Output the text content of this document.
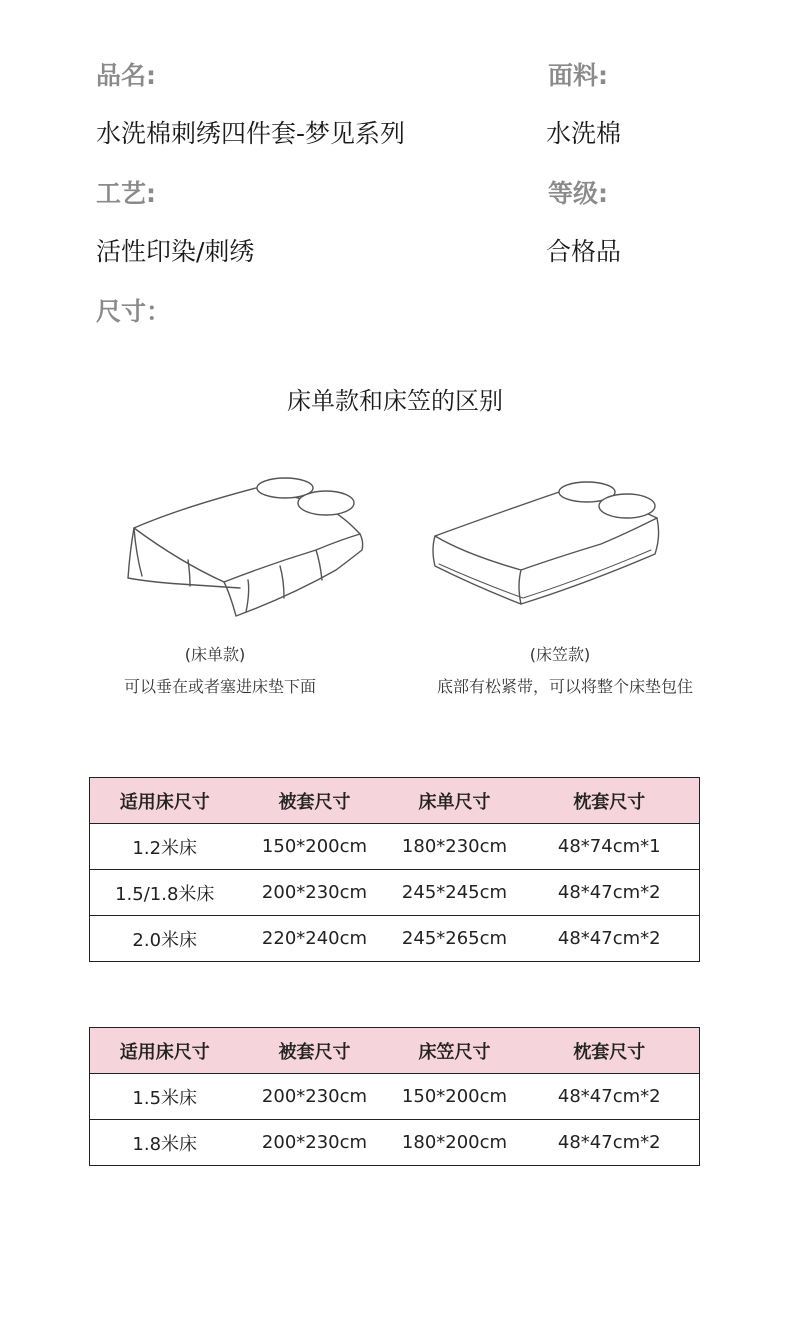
品名:	面料:
水洗棉刺绣四件套-梦见系列	水洗棉
工艺:	等级:
活性印染/刺绣	合格品
尺寸：
床单款和床笠的区别
(床单款)
可以垂在或者塞进床垫下面
(床笠款)
底部有松紧带，可以将整个床垫包住
适用床尺寸	被套尺寸	床单尺寸	枕套尺寸
1.2米床	150*200cm	180*230cm	48*74cm*1
1.5/1.8米床	200*230cm	245*245cm	48*47cm*2
2.0米床	220*240cm	245*265cm	48*47cm*2
适用床尺寸	被套尺寸	床笠尺寸	枕套尺寸
1.5米床	200*230cm	150*200cm	48*47cm*2
1.8米床	200*230cm	180*200cm	48*47cm*2
